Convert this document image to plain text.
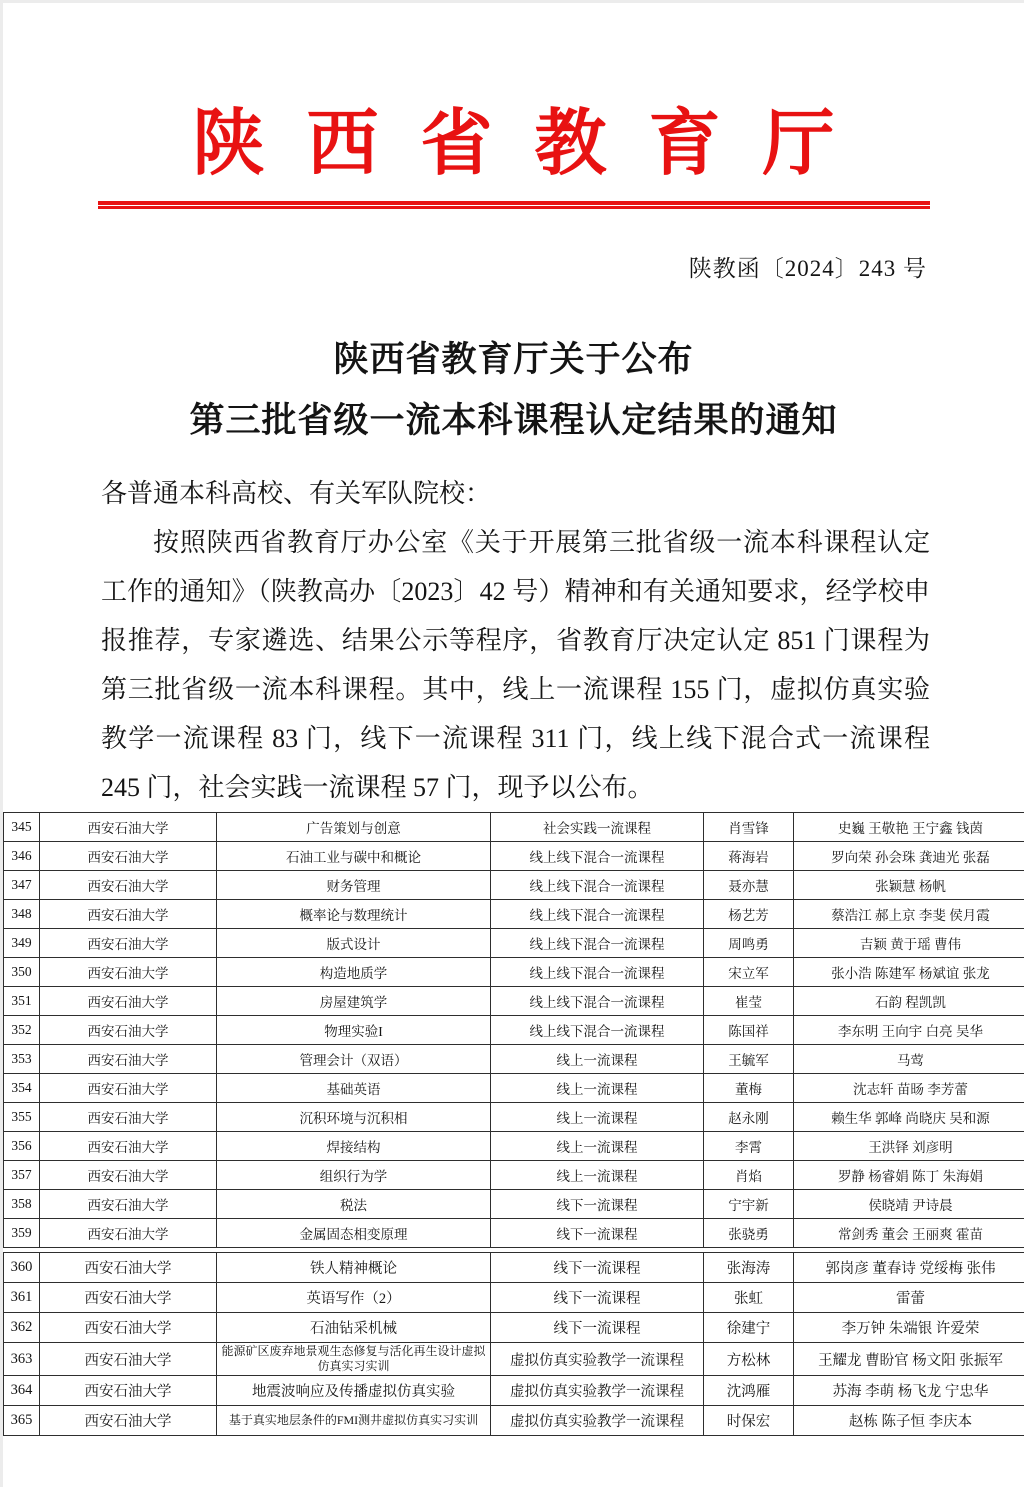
陕西省教育厅
陕教函〔2024〕243 号
陕西省教育厅关于公布
第三批省级一流本科课程认定结果的通知
各普通本科高校、有关军队院校：
按照陕西省教育厅办公室《关于开展第三批省级一流本科课程认定工作的通知》（陕教高办〔2023〕42 号）精神和有关通知要求，经学校申报推荐，专家遴选、结果公示等程序，省教育厅决定认定 851 门课程为第三批省级一流本科课程。其中，线上一流课程 155 门，虚拟仿真实验教学一流课程 83 门，线下一流课程 311 门，线上线下混合式一流课程 245 门，社会实践一流课程 57 门，现予以公布。
345	西安石油大学	广告策划与创意	社会实践一流课程	肖雪锋	史巍 王敬艳 王宁鑫 钱茵
346	西安石油大学	石油工业与碳中和概论	线上线下混合一流课程	蒋海岩	罗向荣 孙会珠 龚迪光 张磊
347	西安石油大学	财务管理	线上线下混合一流课程	聂亦慧	张颖慧 杨帆
348	西安石油大学	概率论与数理统计	线上线下混合一流课程	杨艺芳	蔡浩江 郝上京 李斐 侯月霞
349	西安石油大学	版式设计	线上线下混合一流课程	周鸣勇	吉颖 黄于瑶 曹伟
350	西安石油大学	构造地质学	线上线下混合一流课程	宋立军	张小浩 陈建军 杨斌谊 张龙
351	西安石油大学	房屋建筑学	线上线下混合一流课程	崔莹	石韵 程凯凯
352	西安石油大学	物理实验I	线上线下混合一流课程	陈国祥	李东明 王向宇 白亮 吴华
353	西安石油大学	管理会计（双语）	线上一流课程	王毓军	马莺
354	西安石油大学	基础英语	线上一流课程	董梅	沈志轩 苗旸 李芳蕾
355	西安石油大学	沉积环境与沉积相	线上一流课程	赵永刚	赖生华 郭峰 尚晓庆 吴和源
356	西安石油大学	焊接结构	线上一流课程	李霄	王洪铎 刘彦明
357	西安石油大学	组织行为学	线上一流课程	肖焰	罗静 杨睿娟 陈丁 朱海娟
358	西安石油大学	税法	线下一流课程	宁宇新	侯晓靖 尹诗晨
359	西安石油大学	金属固态相变原理	线下一流课程	张骁勇	常剑秀 董会 王丽爽 霍苗
360	西安石油大学	铁人精神概论	线下一流课程	张海涛	郭岗彦 董春诗 党绥梅 张伟
361	西安石油大学	英语写作（2）	线下一流课程	张虹	雷蕾
362	西安石油大学	石油钻采机械	线下一流课程	徐建宁	李万钟 朱端银 许爱荣
363	西安石油大学	能源矿区废弃地景观生态修复与活化再生设计虚拟仿真实习实训	虚拟仿真实验教学一流课程	方松林	王耀龙 曹盼官 杨文阳 张振军
364	西安石油大学	地震波响应及传播虚拟仿真实验	虚拟仿真实验教学一流课程	沈鸿雁	苏海 李萌 杨飞龙 宁忠华
365	西安石油大学	基于真实地层条件的FMI测井虚拟仿真实习实训	虚拟仿真实验教学一流课程	时保宏	赵栋 陈子恒 李庆本
